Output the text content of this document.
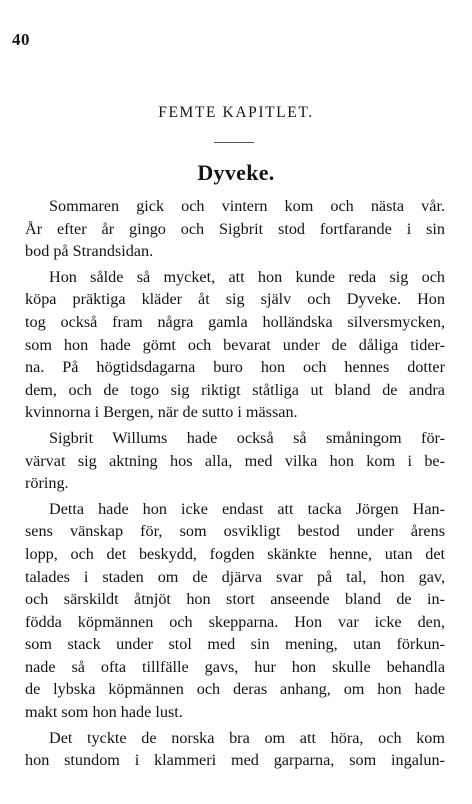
40
FEMTE KAPITLET.
Dyveke.
Sommaren gick och vintern kom och nästa vår.
År efter år gingo och Sigbrit stod fortfarande i sin
bod på Strandsidan.
Hon sålde så mycket, att hon kunde reda sig och
köpa präktiga kläder åt sig själv och Dyveke. Hon
tog också fram några gamla holländska silversmycken,
som hon hade gömt och bevarat under de dåliga tider-
na. På högtidsdagarna buro hon och hennes dotter
dem, och de togo sig riktigt ståtliga ut bland de andra
kvinnorna i Bergen, när de sutto i mässan.
Sigbrit Willums hade också så småningom för-
värvat sig aktning hos alla, med vilka hon kom i be-
röring.
Detta hade hon icke endast att tacka Jörgen Han-
sens vänskap för, som osvikligt bestod under årens
lopp, och det beskydd, fogden skänkte henne, utan det
talades i staden om de djärva svar på tal, hon gav,
och särskildt åtnjöt hon stort anseende bland de in-
födda köpmännen och skepparna. Hon var icke den,
som stack under stol med sin mening, utan förkun-
nade så ofta tillfälle gavs, hur hon skulle behandla
de lybska köpmännen och deras anhang, om hon hade
makt som hon hade lust.
Det tyckte de norska bra om att höra, och kom
hon stundom i klammeri med garparna, som ingalun-
